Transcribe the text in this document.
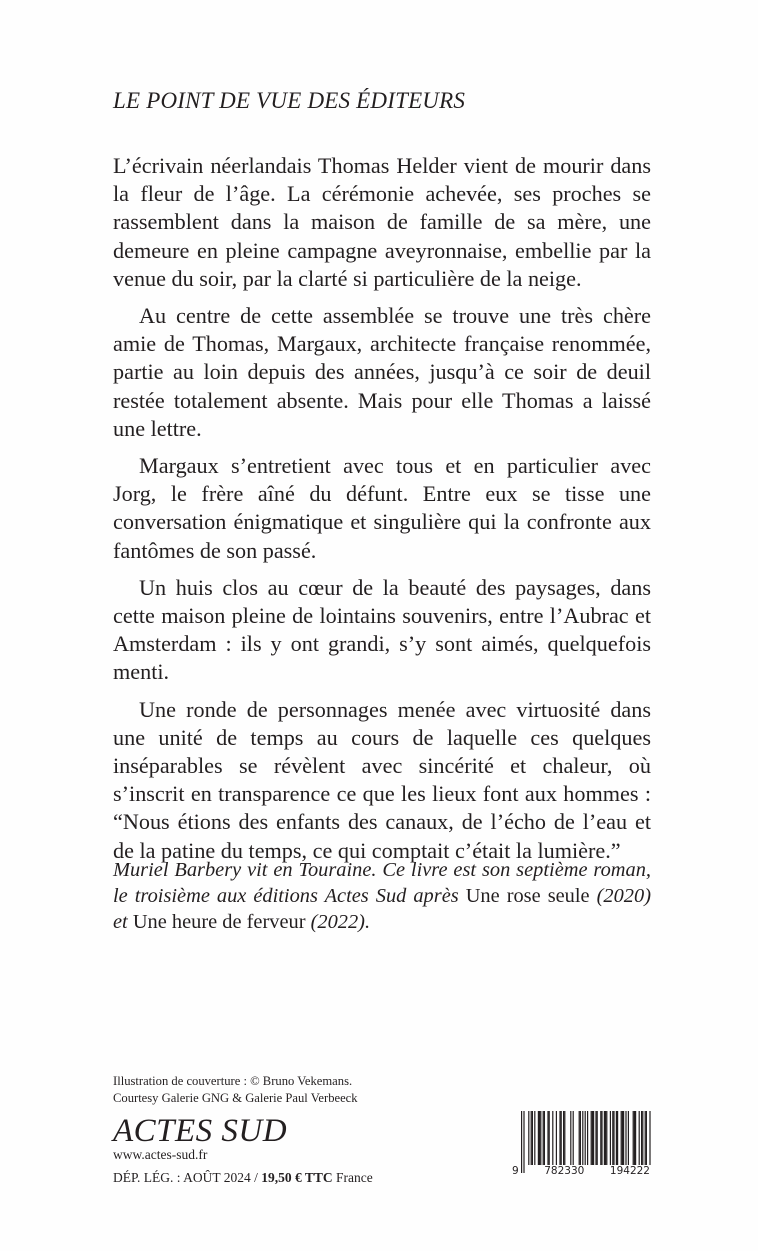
LE POINT DE VUE DES ÉDITEURS

L’écrivain néerlandais Thomas Helder vient de mourir dans la fleur de l’âge. La cérémonie achevée, ses proches se rassemblent dans la maison de famille de sa mère, une demeure en pleine campagne aveyronnaise, embellie par la venue du soir, par la clarté si particulière de la neige.

Au centre de cette assemblée se trouve une très chère amie de Thomas, Margaux, architecte française renommée, partie au loin depuis des années, jusqu’à ce soir de deuil restée totalement absente. Mais pour elle Thomas a laissé une lettre.

Margaux s’entretient avec tous et en particulier avec Jorg, le frère aîné du défunt. Entre eux se tisse une conversation énigmatique et singulière qui la confronte aux fantômes de son passé.

Un huis clos au cœur de la beauté des paysages, dans cette maison pleine de lointains souvenirs, entre l’Aubrac et Amsterdam : ils y ont grandi, s’y sont aimés, quelquefois menti.

Une ronde de personnages menée avec virtuosité dans une unité de temps au cours de laquelle ces quelques inséparables se révèlent avec sincérité et chaleur, où s’inscrit en transparence ce que les lieux font aux hommes : “Nous étions des enfants des canaux, de l’écho de l’eau et de la patine du temps, ce qui comptait c’était la lumière.”

Muriel Barbery vit en Touraine. Ce livre est son septième roman, le troisième aux éditions Actes Sud après Une rose seule (2020) et Une heure de ferveur (2022).
Illustration de couverture : © Bruno Vekemans.
Courtesy Galerie GNG & Galerie Paul Verbeeck
ACTES SUD
www.actes-sud.fr
DÉP. LÉG. : AOÛT 2024 / 19,50 € TTC France	9 782330 194222
